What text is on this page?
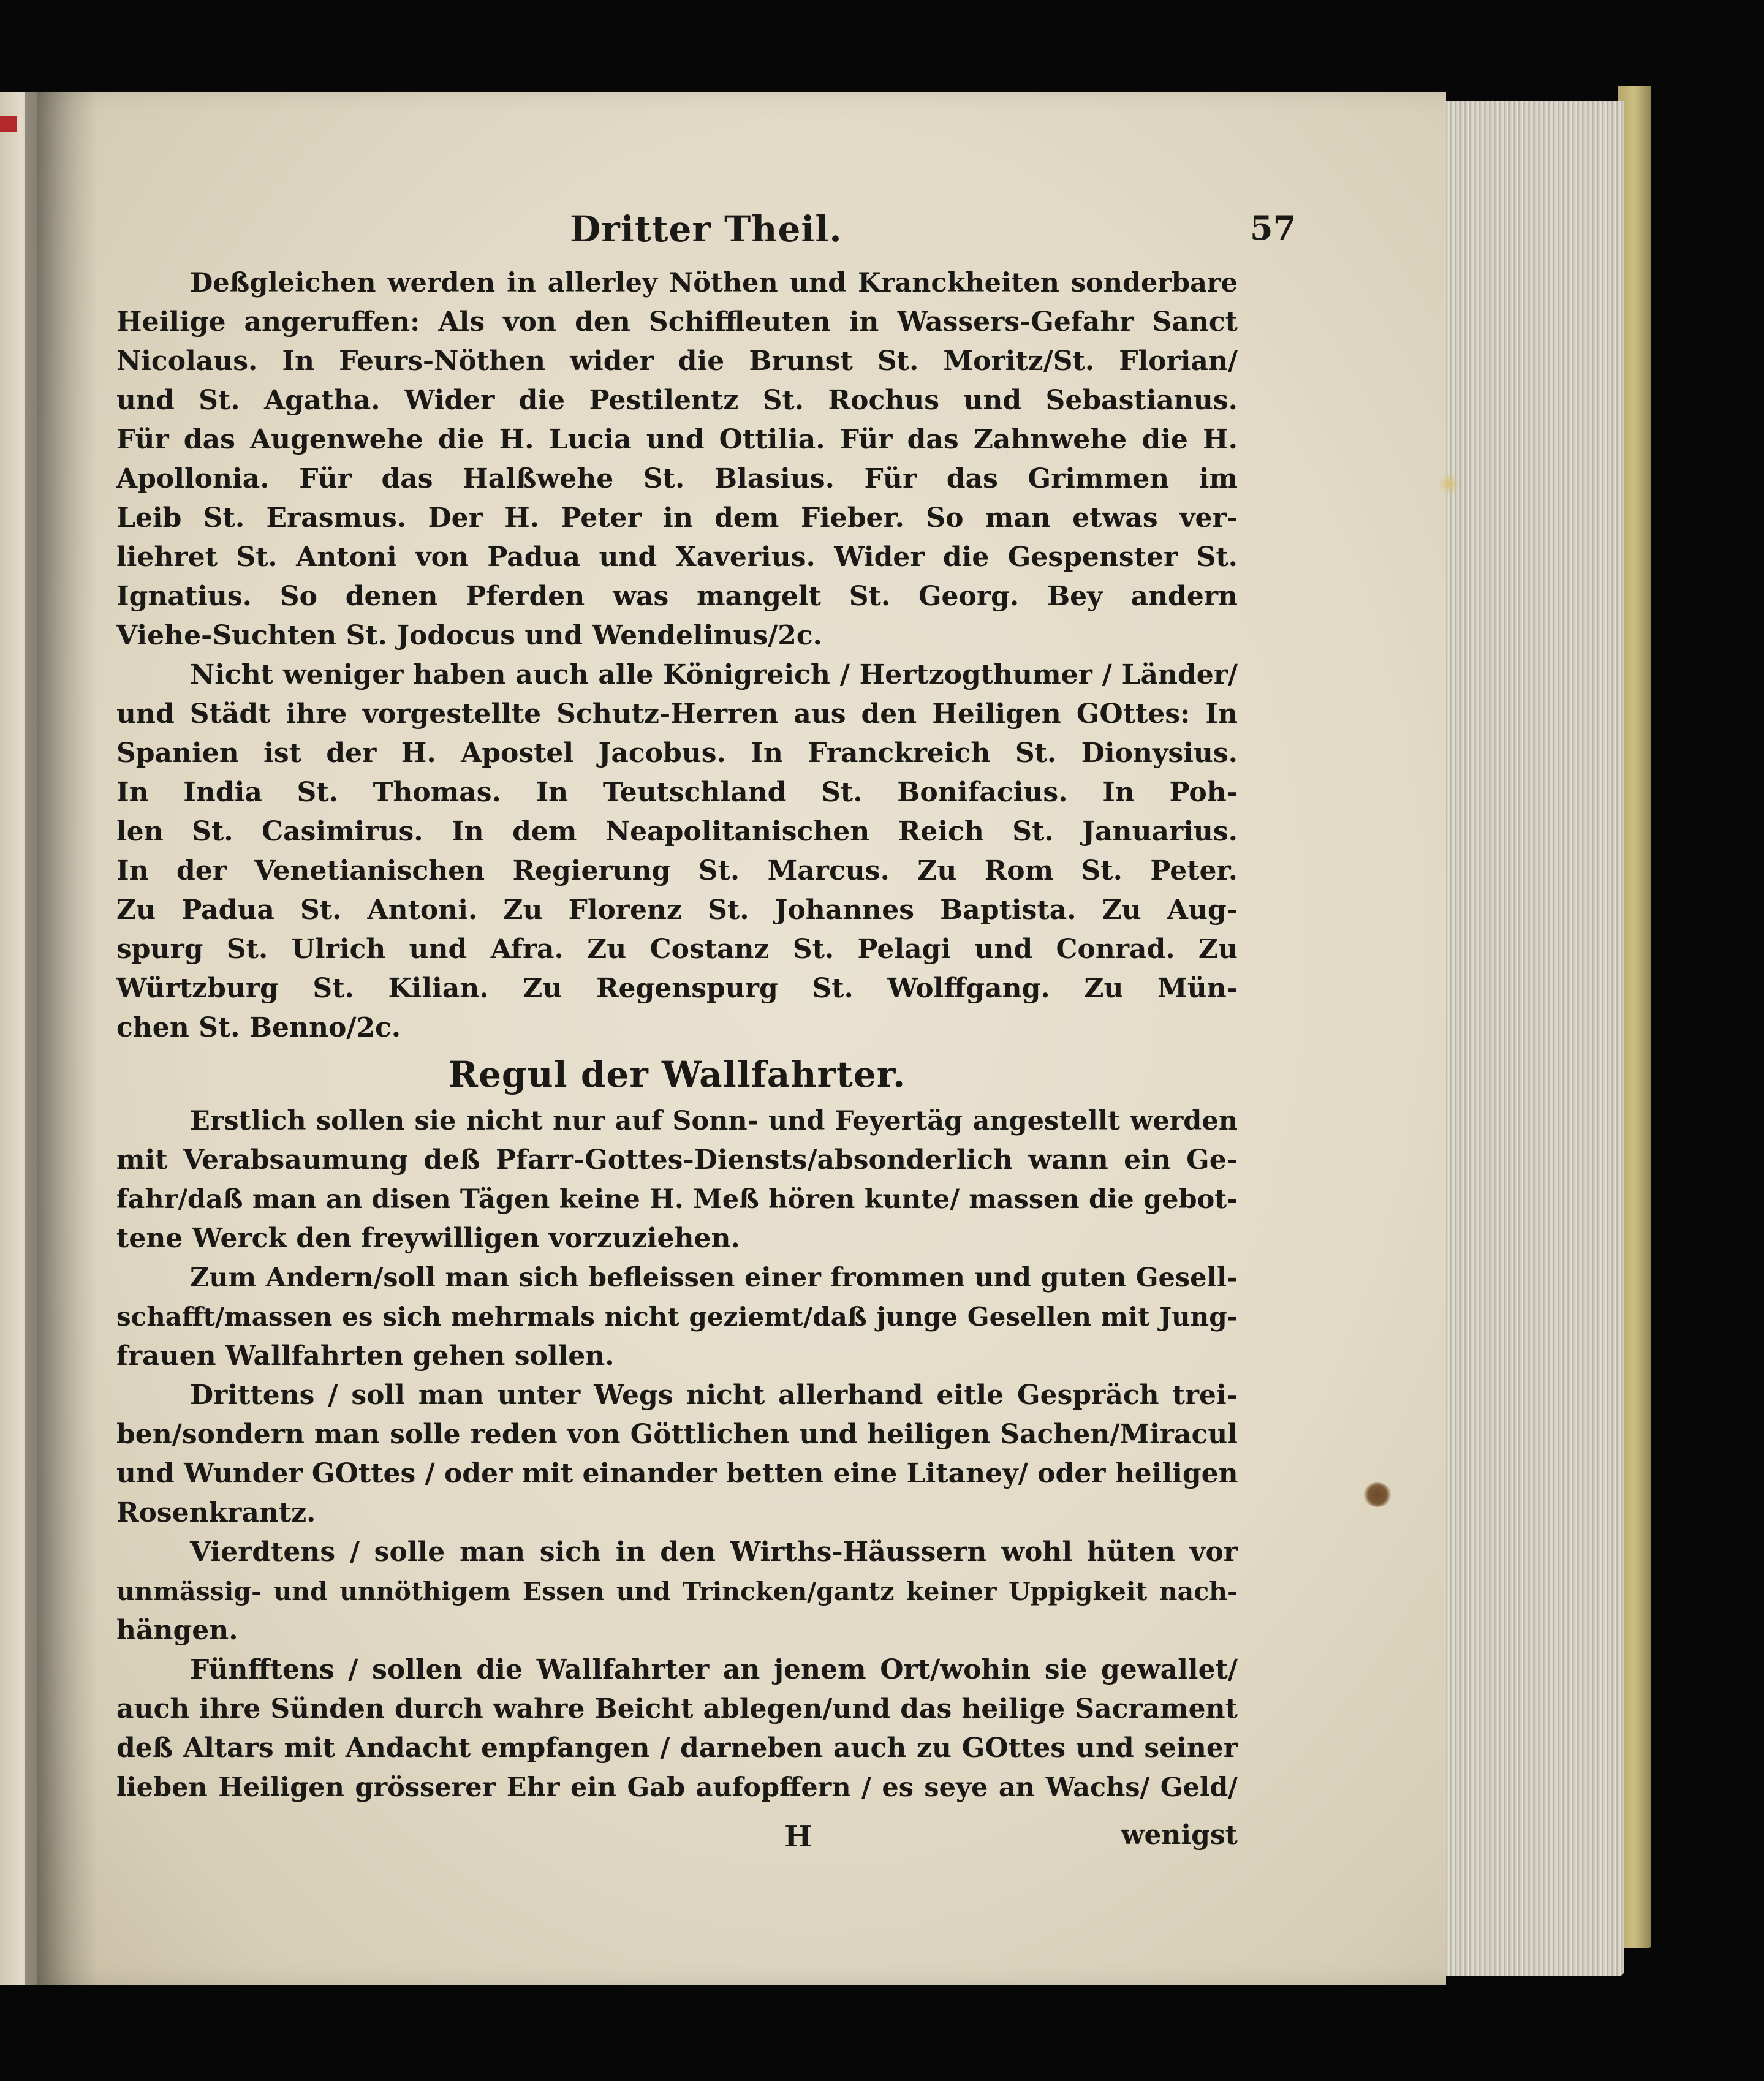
Dritter Theil.	57
Deßgleichen werden in allerley Nöthen und Kranckheiten sonderbare
Heilige angeruffen: Als von den Schiffleuten in Wassers-Gefahr Sanct
Nicolaus. In Feurs-Nöthen wider die Brunst St. Moritz/St. Florian/
und St. Agatha. Wider die Pestilentz St. Rochus und Sebastianus.
Für das Augenwehe die H. Lucia und Ottilia. Für das Zahnwehe die H.
Apollonia. Für das Halßwehe St. Blasius. Für das Grimmen im
Leib St. Erasmus. Der H. Peter in dem Fieber. So man etwas ver-
liehret St. Antoni von Padua und Xaverius. Wider die Gespenster St.
Ignatius. So denen Pferden was mangelt St. Georg. Bey andern
Viehe-Suchten St. Jodocus und Wendelinus/2c.
Nicht weniger haben auch alle Königreich / Hertzogthumer / Länder/
und Städt ihre vorgestellte Schutz-Herren aus den Heiligen GOttes: In
Spanien ist der H. Apostel Jacobus. In Franckreich St. Dionysius.
In India St. Thomas. In Teutschland St. Bonifacius. In Poh-
len St. Casimirus. In dem Neapolitanischen Reich St. Januarius.
In der Venetianischen Regierung St. Marcus. Zu Rom St. Peter.
Zu Padua St. Antoni. Zu Florenz St. Johannes Baptista. Zu Aug-
spurg St. Ulrich und Afra. Zu Costanz St. Pelagi und Conrad. Zu
Würtzburg St. Kilian. Zu Regenspurg St. Wolffgang. Zu Mün-
chen St. Benno/2c.
Regul der Wallfahrter.
Erstlich sollen sie nicht nur auf Sonn- und Feyertäg angestellt werden
mit Verabsaumung deß Pfarr-Gottes-Diensts/absonderlich wann ein Ge-
fahr/daß man an disen Tägen keine H. Meß hören kunte/ massen die gebot-
tene Werck den freywilligen vorzuziehen.
Zum Andern/soll man sich befleissen einer frommen und guten Gesell-
schafft/massen es sich mehrmals nicht geziemt/daß junge Gesellen mit Jung-
frauen Wallfahrten gehen sollen.
Drittens / soll man unter Wegs nicht allerhand eitle Gespräch trei-
ben/sondern man solle reden von Göttlichen und heiligen Sachen/Miracul
und Wunder GOttes / oder mit einander betten eine Litaney/ oder heiligen
Rosenkrantz.
Vierdtens / solle man sich in den Wirths-Häussern wohl hüten vor
unmässig- und unnöthigem Essen und Trincken/gantz keiner Uppigkeit nach-
hängen.
Fünfftens / sollen die Wallfahrter an jenem Ort/wohin sie gewallet/
auch ihre Sünden durch wahre Beicht ablegen/und das heilige Sacrament
deß Altars mit Andacht empfangen / darneben auch zu GOttes und seiner
lieben Heiligen grösserer Ehr ein Gab aufopffern / es seye an Wachs/ Geld/
H	wenigst
